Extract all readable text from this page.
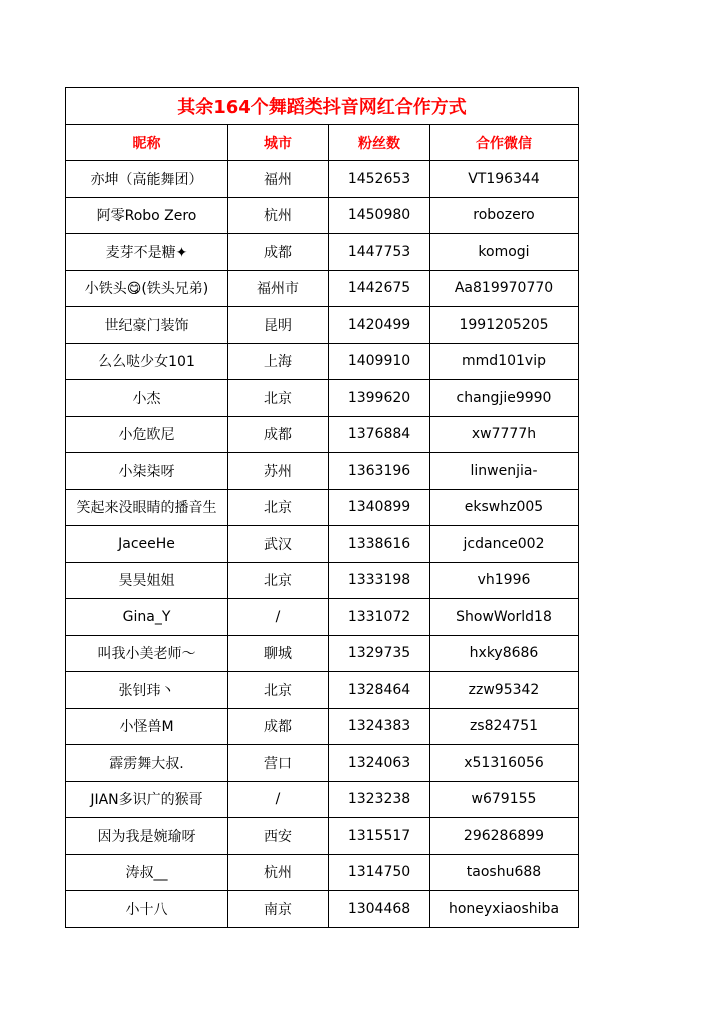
其余164个舞蹈类抖音网红合作方式			
昵称	城市	粉丝数	合作微信
亦坤（高能舞团）	福州	1452653	VT196344
阿零Robo Zero	杭州	1450980	robozero
麦芽不是糖✦	成都	1447753	komogi
小铁头😋(铁头兄弟)	福州市	1442675	Aa819970770
世纪豪门装饰	昆明	1420499	1991205205
么么哒少女101	上海	1409910	mmd101vip
小杰	北京	1399620	changjie9990
小危欧尼	成都	1376884	xw7777h
小柒柒呀	苏州	1363196	linwenjia-
笑起来没眼睛的播音生	北京	1340899	ekswhz005
JaceeHe	武汉	1338616	jcdance002
昊昊姐姐	北京	1333198	vh1996
Gina_Y	/	1331072	ShowWorld18
叫我小美老师～	聊城	1329735	hxky8686
张钊玮丶	北京	1328464	zzw95342
小怪兽M	成都	1324383	zs824751
霹雳舞大叔.	营口	1324063	x51316056
JIAN多识广的猴哥	/	1323238	w679155
因为我是婉瑜呀	西安	1315517	296286899
涛叔__	杭州	1314750	taoshu688
小十八	南京	1304468	honeyxiaoshiba
